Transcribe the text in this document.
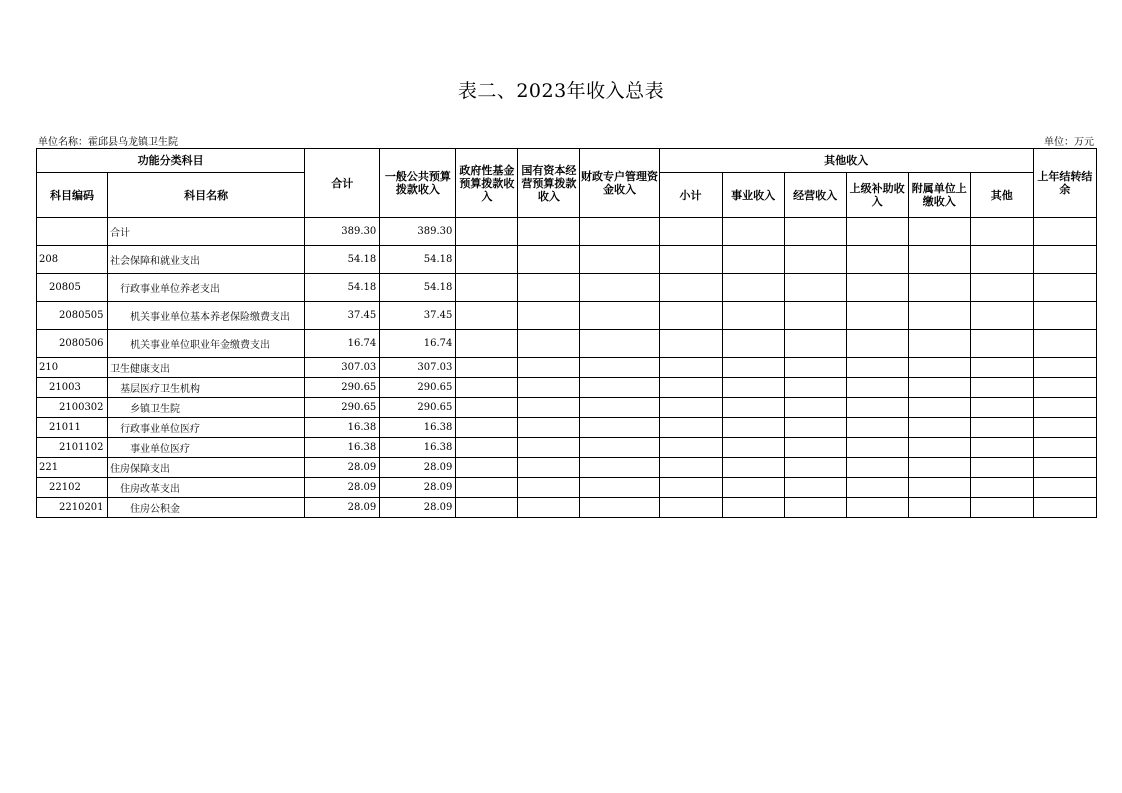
表二、2023年收入总表
单位名称：霍邱县乌龙镇卫生院	单位：万元
功能分类科目		合计	一般公共预算拨款收入	政府性基金预算拨款收入	国有资本经营预算拨款收入	财政专户管理资金收入	其他收入						上年结转结余
科目编码	科目名称						小计	事业收入	经营收入	上级补助收入	附属单位上缴收入	其他	
	合计	389.30	389.30										
208	社会保障和就业支出	54.18	54.18										
20805	行政事业单位养老支出	54.18	54.18										
2080505	机关事业单位基本养老保险缴费支出	37.45	37.45										
2080506	机关事业单位职业年金缴费支出	16.74	16.74										
210	卫生健康支出	307.03	307.03										
21003	基层医疗卫生机构	290.65	290.65										
2100302	乡镇卫生院	290.65	290.65										
21011	行政事业单位医疗	16.38	16.38										
2101102	事业单位医疗	16.38	16.38										
221	住房保障支出	28.09	28.09										
22102	住房改革支出	28.09	28.09										
2210201	住房公积金	28.09	28.09										
